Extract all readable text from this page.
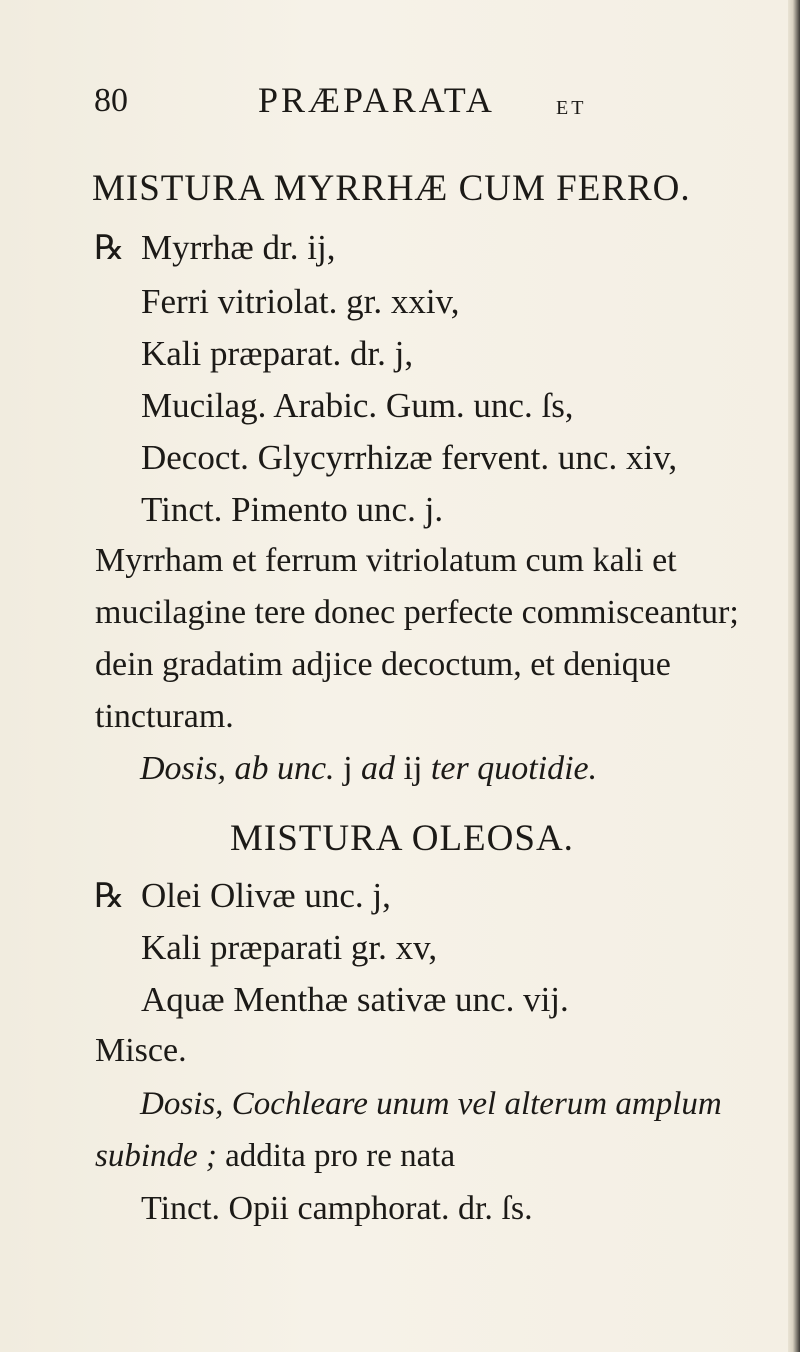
80	PRÆPARATA	ET
MISTURA MYRRHÆ CUM FERRO.
℞ Myrrhæ dr. ij,
Ferri vitriolat. gr. xxiv,
Kali præparat. dr. j,
Mucilag. Arabic. Gum. unc. ſs,
Decoct. Glycyrrhizæ fervent. unc. xiv,
Tinct. Pimento unc. j.
Myrrham et ferrum vitriolatum cum kali et
mucilagine tere donec perfecte commisceantur;
dein gradatim adjice decoctum, et denique
tincturam.
Dosis, ab unc. j ad ij ter quotidie.
MISTURA OLEOSA.
℞ Olei Olivæ unc. j,
Kali præparati gr. xv,
Aquæ Menthæ sativæ unc. vij.
Misce.
Dosis, Cochleare unum vel alterum amplum
subinde ; addita pro re nata
Tinct. Opii camphorat. dr. ſs.
